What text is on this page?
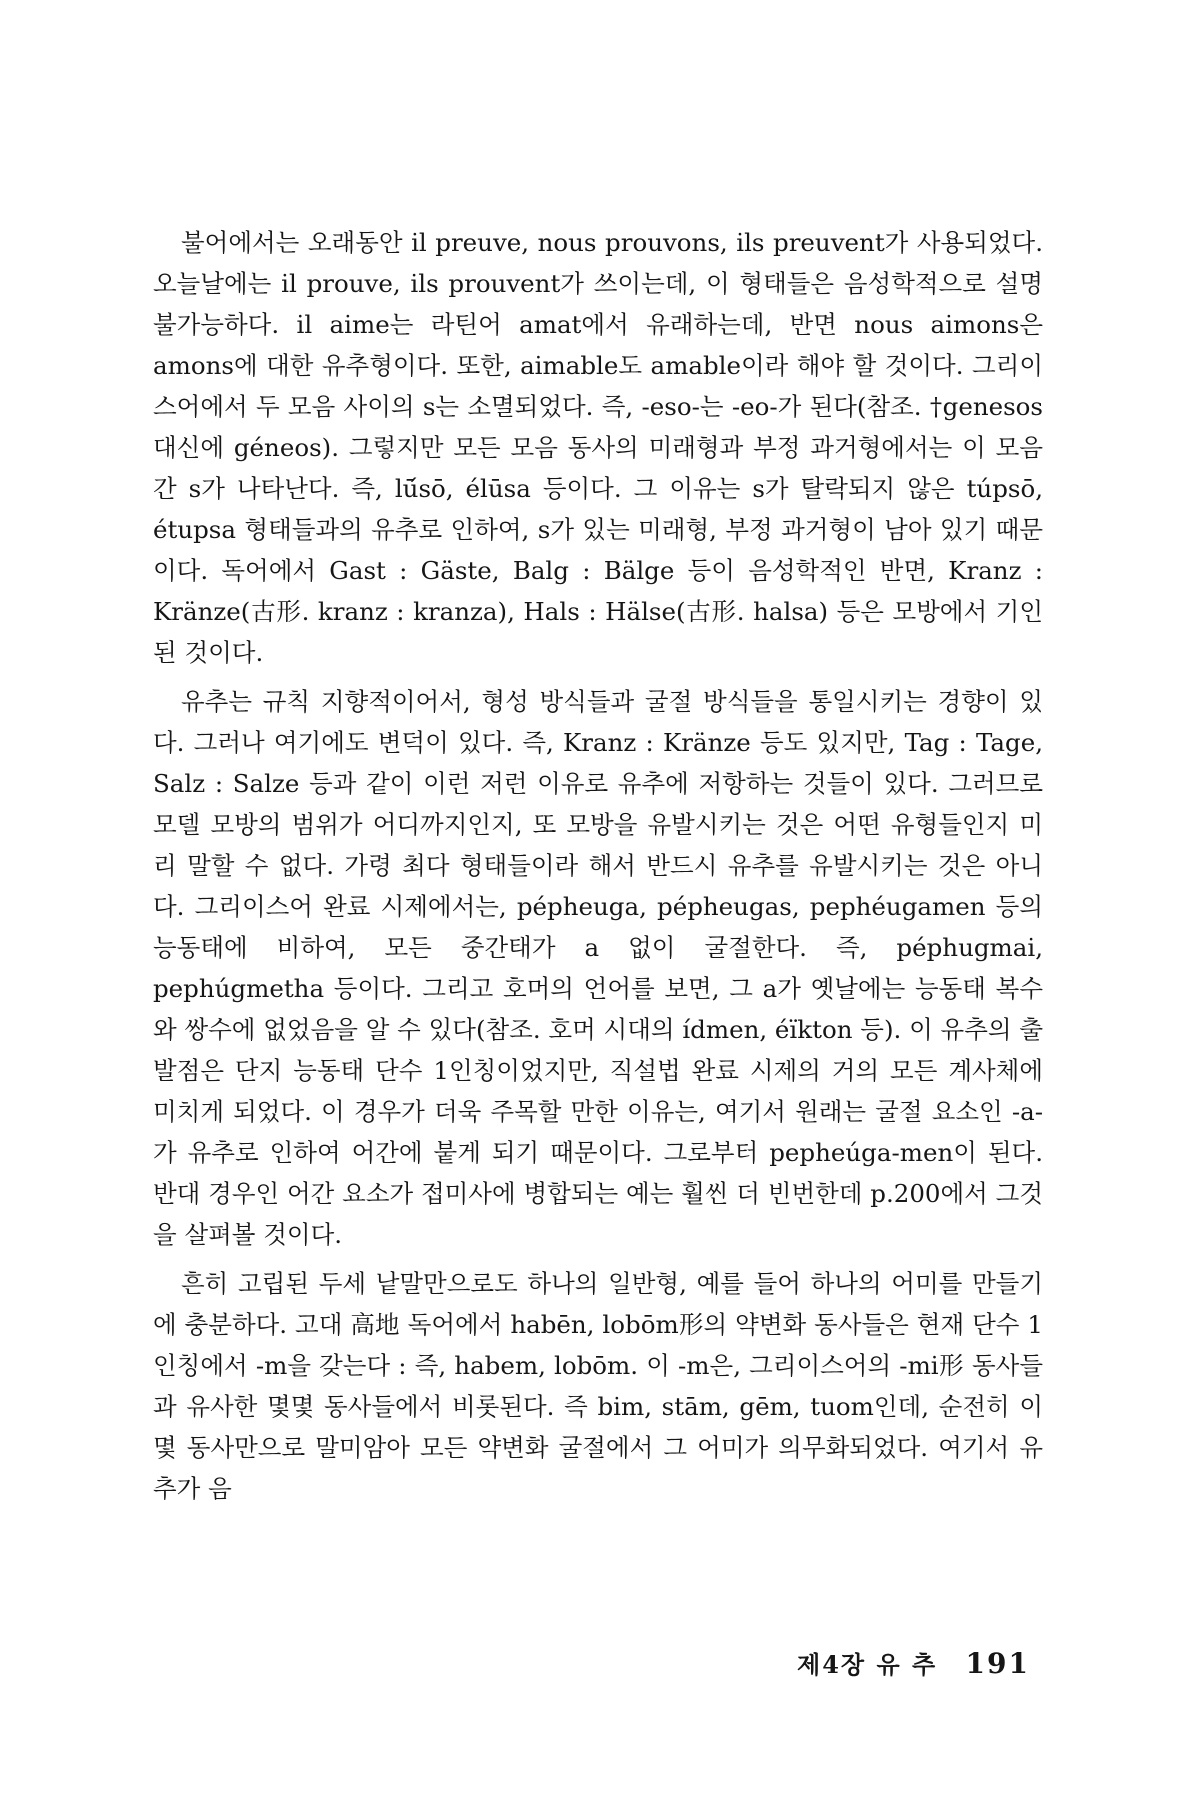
불어에서는 오래동안 il preuve, nous prouvons, ils preuvent가 사용되었다. 오늘날에는 il prouve, ils prouvent가 쓰이는데, 이 형태들은 음성학적으로 설명 불가능하다. il aime는 라틴어 amat에서 유래하는데, 반면 nous aimons은 amons에 대한 유추형이다. 또한, aimable도 amable이라 해야 할 것이다. 그리이스어에서 두 모음 사이의 s는 소멸되었다. 즉, -eso-는 -eo-가 된다(참조. †genesos 대신에 géneos). 그렇지만 모든 모음 동사의 미래형과 부정 과거형에서는 이 모음간 s가 나타난다. 즉, lū́sō, élūsa 등이다. 그 이유는 s가 탈락되지 않은 túpsō, étupsa 형태들과의 유추로 인하여, s가 있는 미래형, 부정 과거형이 남아 있기 때문이다. 독어에서 Gast : Gäste, Balg : Bälge 등이 음성학적인 반면, Kranz : Kränze(古形. kranz : kranza), Hals : Hälse(古形. halsa) 등은 모방에서 기인된 것이다.

유추는 규칙 지향적이어서, 형성 방식들과 굴절 방식들을 통일시키는 경향이 있다. 그러나 여기에도 변덕이 있다. 즉, Kranz : Kränze 등도 있지만, Tag : Tage, Salz : Salze 등과 같이 이런 저런 이유로 유추에 저항하는 것들이 있다. 그러므로 모델 모방의 범위가 어디까지인지, 또 모방을 유발시키는 것은 어떤 유형들인지 미리 말할 수 없다. 가령 최다 형태들이라 해서 반드시 유추를 유발시키는 것은 아니다. 그리이스어 완료 시제에서는, pépheuga, pépheugas, pephéugamen 등의 능동태에 비하여, 모든 중간태가 a 없이 굴절한다. 즉, péphugmai, pephúgmetha 등이다. 그리고 호머의 언어를 보면, 그 a가 옛날에는 능동태 복수와 쌍수에 없었음을 알 수 있다(참조. 호머 시대의 ídmen, éïkton 등). 이 유추의 출발점은 단지 능동태 단수 1인칭이었지만, 직설법 완료 시제의 거의 모든 계사체에 미치게 되었다. 이 경우가 더욱 주목할 만한 이유는, 여기서 원래는 굴절 요소인 -a-가 유추로 인하여 어간에 붙게 되기 때문이다. 그로부터 pepheúga-men이 된다. 반대 경우인 어간 요소가 접미사에 병합되는 예는 훨씬 더 빈번한데 p.200에서 그것을 살펴볼 것이다.

흔히 고립된 두세 낱말만으로도 하나의 일반형, 예를 들어 하나의 어미를 만들기에 충분하다. 고대 高地 독어에서 habēn, lobōm形의 약변화 동사들은 현재 단수 1인칭에서 -m을 갖는다 : 즉, habem, lobōm. 이 -m은, 그리이스어의 -mi形 동사들과 유사한 몇몇 동사들에서 비롯된다. 즉 bim, stām, gēm, tuom인데, 순전히 이 몇 동사만으로 말미암아 모든 약변화 굴절에서 그 어미가 의무화되었다. 여기서 유추가 음

제4장 유 추 191
